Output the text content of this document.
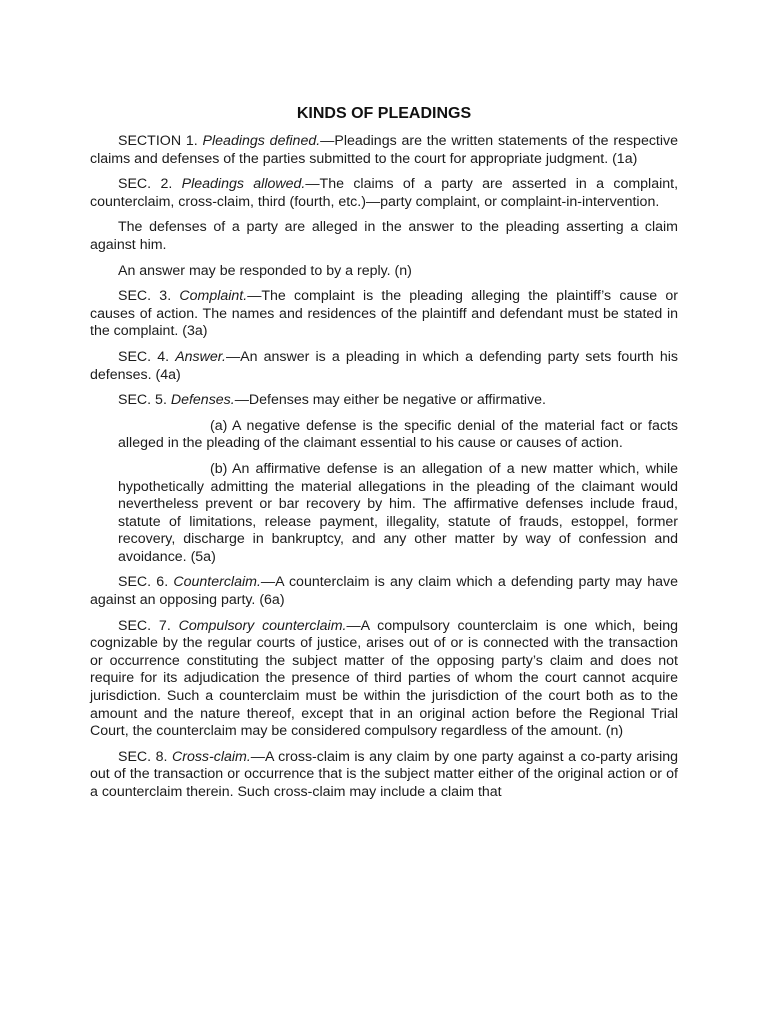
KINDS OF PLEADINGS

SECTION 1. Pleadings defined.—Pleadings are the written statements of the respective claims and defenses of the parties submitted to the court for appropriate judgment. (1a)

SEC. 2. Pleadings allowed.—The claims of a party are asserted in a complaint, counterclaim, cross-claim, third (fourth, etc.)—party complaint, or complaint-in-intervention.

The defenses of a party are alleged in the answer to the pleading asserting a claim against him.

An answer may be responded to by a reply. (n)

SEC. 3. Complaint.—The complaint is the pleading alleging the plaintiff’s cause or causes of action. The names and residences of the plaintiff and defendant must be stated in the complaint. (3a)

SEC. 4. Answer.—An answer is a pleading in which a defending party sets fourth his defenses. (4a)

SEC. 5. Defenses.—Defenses may either be negative or affirmative.

(a) A negative defense is the specific denial of the material fact or facts alleged in the pleading of the claimant essential to his cause or causes of action.

(b) An affirmative defense is an allegation of a new matter which, while hypothetically admitting the material allegations in the pleading of the claimant would nevertheless prevent or bar recovery by him. The affirmative defenses include fraud, statute of limitations, release payment, illegality, statute of frauds, estoppel, former recovery, discharge in bankruptcy, and any other matter by way of confession and avoidance. (5a)

SEC. 6. Counterclaim.—A counterclaim is any claim which a defending party may have against an opposing party. (6a)

SEC. 7. Compulsory counterclaim.—A compulsory counterclaim is one which, being cognizable by the regular courts of justice, arises out of or is connected with the transaction or occurrence constituting the subject matter of the opposing party’s claim and does not require for its adjudication the presence of third parties of whom the court cannot acquire jurisdiction. Such a counterclaim must be within the jurisdiction of the court both as to the amount and the nature thereof, except that in an original action before the Regional Trial Court, the counterclaim may be considered compulsory regardless of the amount. (n)

SEC. 8. Cross-claim.—A cross-claim is any claim by one party against a co-party arising out of the transaction or occurrence that is the subject matter either of the original action or of a counterclaim therein. Such cross-claim may include a claim that
